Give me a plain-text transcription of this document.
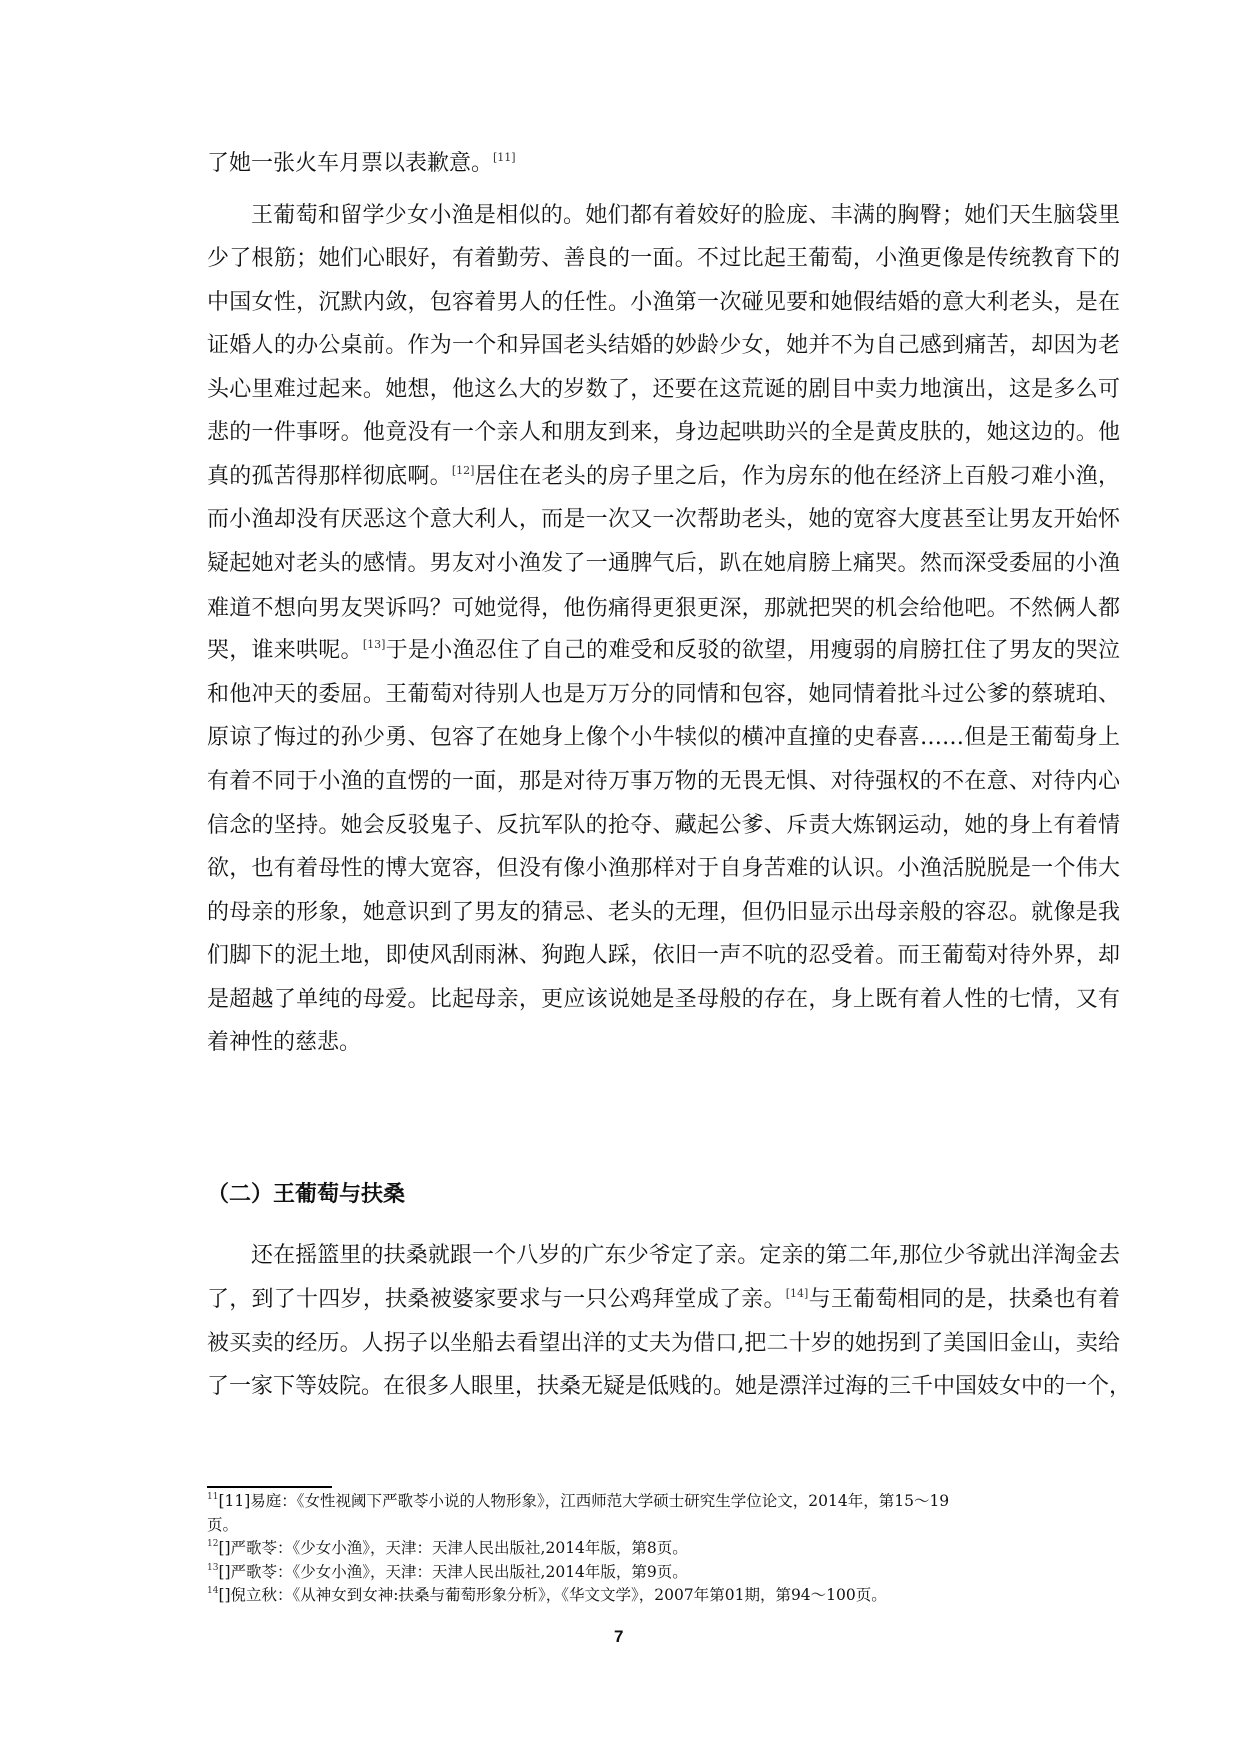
了她一张火车月票以表歉意。[11]
王葡萄和留学少女小渔是相似的。她们都有着姣好的脸庞、丰满的胸臀；她们天生脑袋里
少了根筋；她们心眼好，有着勤劳、善良的一面。不过比起王葡萄，小渔更像是传统教育下的
中国女性，沉默内敛，包容着男人的任性。小渔第一次碰见要和她假结婚的意大利老头，是在
证婚人的办公桌前。作为一个和异国老头结婚的妙龄少女，她并不为自己感到痛苦，却因为老
头心里难过起来。她想，他这么大的岁数了，还要在这荒诞的剧目中卖力地演出，这是多么可
悲的一件事呀。他竟没有一个亲人和朋友到来，身边起哄助兴的全是黄皮肤的，她这边的。他
真的孤苦得那样彻底啊。[12]居住在老头的房子里之后，作为房东的他在经济上百般刁难小渔，
而小渔却没有厌恶这个意大利人，而是一次又一次帮助老头，她的宽容大度甚至让男友开始怀
疑起她对老头的感情。男友对小渔发了一通脾气后，趴在她肩膀上痛哭。然而深受委屈的小渔
难道不想向男友哭诉吗？可她觉得，他伤痛得更狠更深，那就把哭的机会给他吧。不然俩人都
哭，谁来哄呢。[13]于是小渔忍住了自己的难受和反驳的欲望，用瘦弱的肩膀扛住了男友的哭泣
和他冲天的委屈。王葡萄对待别人也是万万分的同情和包容，她同情着批斗过公爹的蔡琥珀、
原谅了悔过的孙少勇、包容了在她身上像个小牛犊似的横冲直撞的史春喜……但是王葡萄身上
有着不同于小渔的直愣的一面，那是对待万事万物的无畏无惧、对待强权的不在意、对待内心
信念的坚持。她会反驳鬼子、反抗军队的抢夺、藏起公爹、斥责大炼钢运动，她的身上有着情
欲，也有着母性的博大宽容，但没有像小渔那样对于自身苦难的认识。小渔活脱脱是一个伟大
的母亲的形象，她意识到了男友的猜忌、老头的无理，但仍旧显示出母亲般的容忍。就像是我
们脚下的泥土地，即使风刮雨淋、狗跑人踩，依旧一声不吭的忍受着。而王葡萄对待外界，却
是超越了单纯的母爱。比起母亲，更应该说她是圣母般的存在，身上既有着人性的七情，又有
着神性的慈悲。
还在摇篮里的扶桑就跟一个八岁的广东少爷定了亲。定亲的第二年,那位少爷就出洋淘金去
了，到了十四岁，扶桑被婆家要求与一只公鸡拜堂成了亲。[14]与王葡萄相同的是，扶桑也有着
被买卖的经历。人拐子以坐船去看望出洋的丈夫为借口,把二十岁的她拐到了美国旧金山，卖给
了一家下等妓院。在很多人眼里，扶桑无疑是低贱的。她是漂洋过海的三千中国妓女中的一个，
（二）王葡萄与扶桑
$^{11}$[11]易庭：《女性视阈下严歌苓小说的人物形象》，江西师范大学硕士研究生学位论文，2014年，第15～19
页。
$^{12}$[]严歌苓：《少女小渔》，天津：天津人民出版社,2014年版，第8页。
$^{13}$[]严歌苓：《少女小渔》，天津：天津人民出版社,2014年版，第9页。
$^{14}$[]倪立秋：《从神女到女神:扶桑与葡萄形象分析》，《华文文学》，2007年第01期，第94～100页。
7
